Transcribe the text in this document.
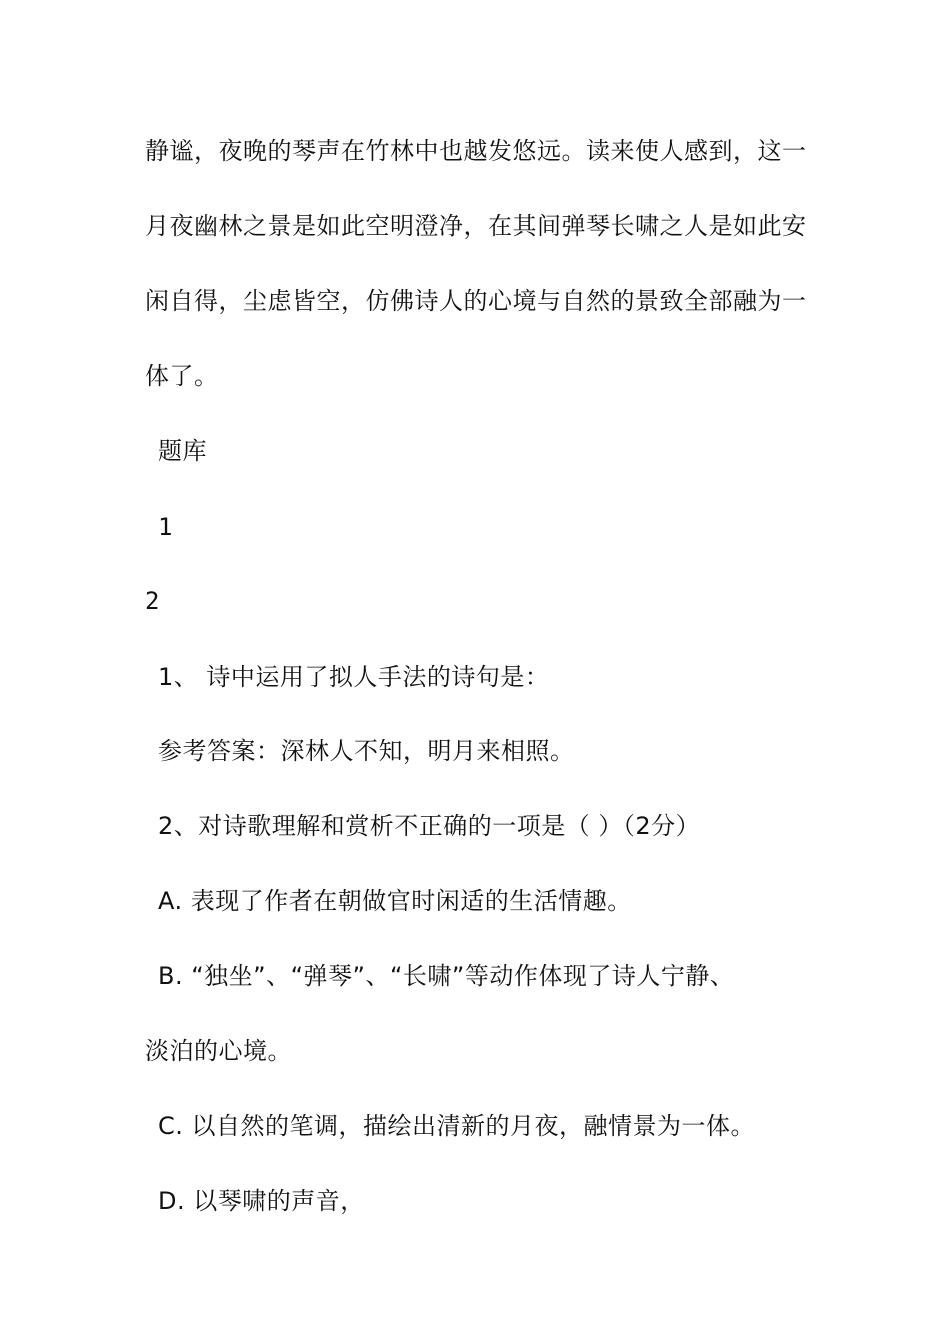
静谧，夜晚的琴声在竹林中也越发悠远。读来使人感到，这一
月夜幽林之景是如此空明澄净，在其间弹琴长啸之人是如此安
闲自得，尘虑皆空，仿佛诗人的心境与自然的景致全部融为一
体了。
题库
1
2
1、 诗中运用了拟人手法的诗句是：
参考答案：深林人不知，明月来相照。
2、对诗歌理解和赏析不正确的一项是（ ）（2分）
A. 表现了作者在朝做官时闲适的生活情趣。
B. “独坐”、“弹琴”、“长啸”等动作体现了诗人宁静、
淡泊的心境。
C. 以自然的笔调，描绘出清新的月夜，融情景为一体。
D. 以琴啸的声音，
